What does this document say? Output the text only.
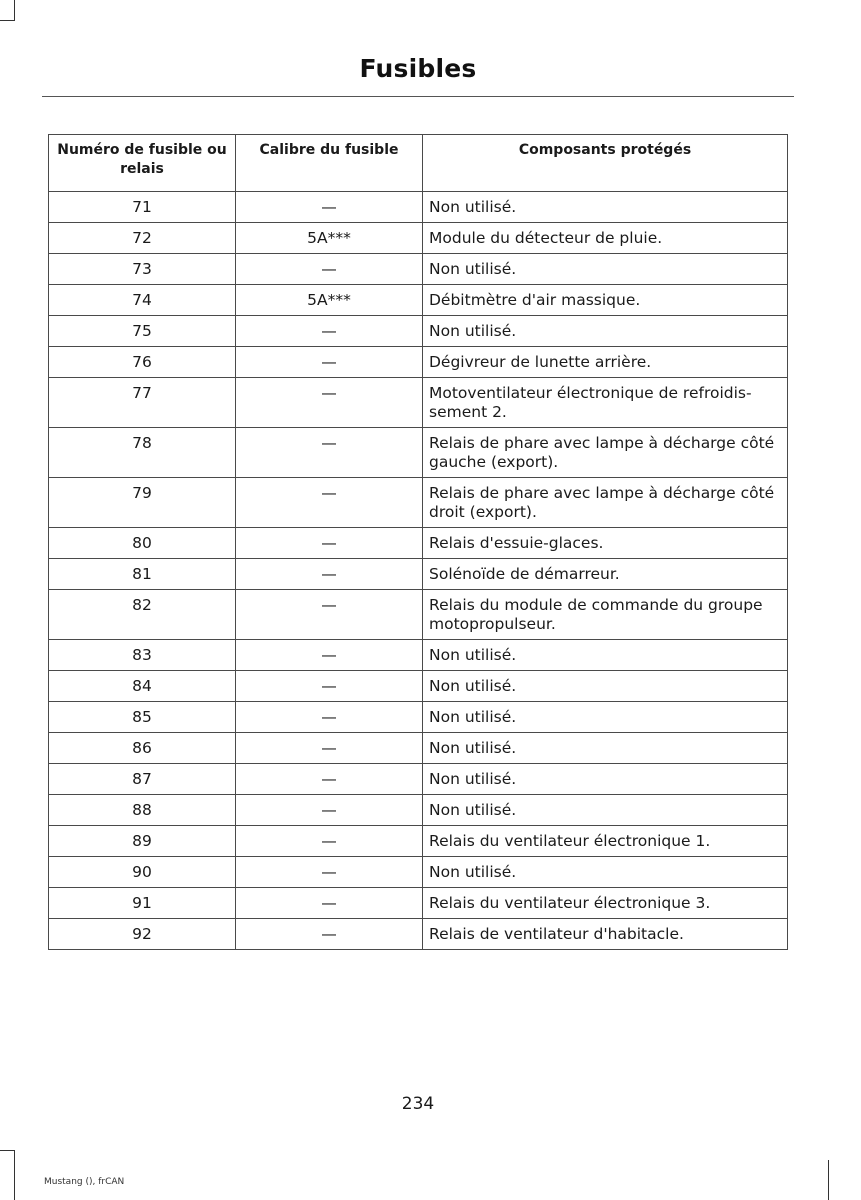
Fusibles
Numéro de fusible ou relais	Calibre du fusible	Composants protégés
71	—	Non utilisé.
72	5A***	Module du détecteur de pluie.
73	—	Non utilisé.
74	5A***	Débitmètre d'air massique.
75	—	Non utilisé.
76	—	Dégivreur de lunette arrière.
77	—	Motoventilateur électronique de refroidis-sement 2.
78	—	Relais de phare avec lampe à décharge côté gauche (export).
79	—	Relais de phare avec lampe à décharge côté droit (export).
80	—	Relais d'essuie-glaces.
81	—	Solénoïde de démarreur.
82	—	Relais du module de commande du groupe motopropulseur.
83	—	Non utilisé.
84	—	Non utilisé.
85	—	Non utilisé.
86	—	Non utilisé.
87	—	Non utilisé.
88	—	Non utilisé.
89	—	Relais du ventilateur électronique 1.
90	—	Non utilisé.
91	—	Relais du ventilateur électronique 3.
92	—	Relais de ventilateur d'habitacle.
234
Mustang (), frCAN
